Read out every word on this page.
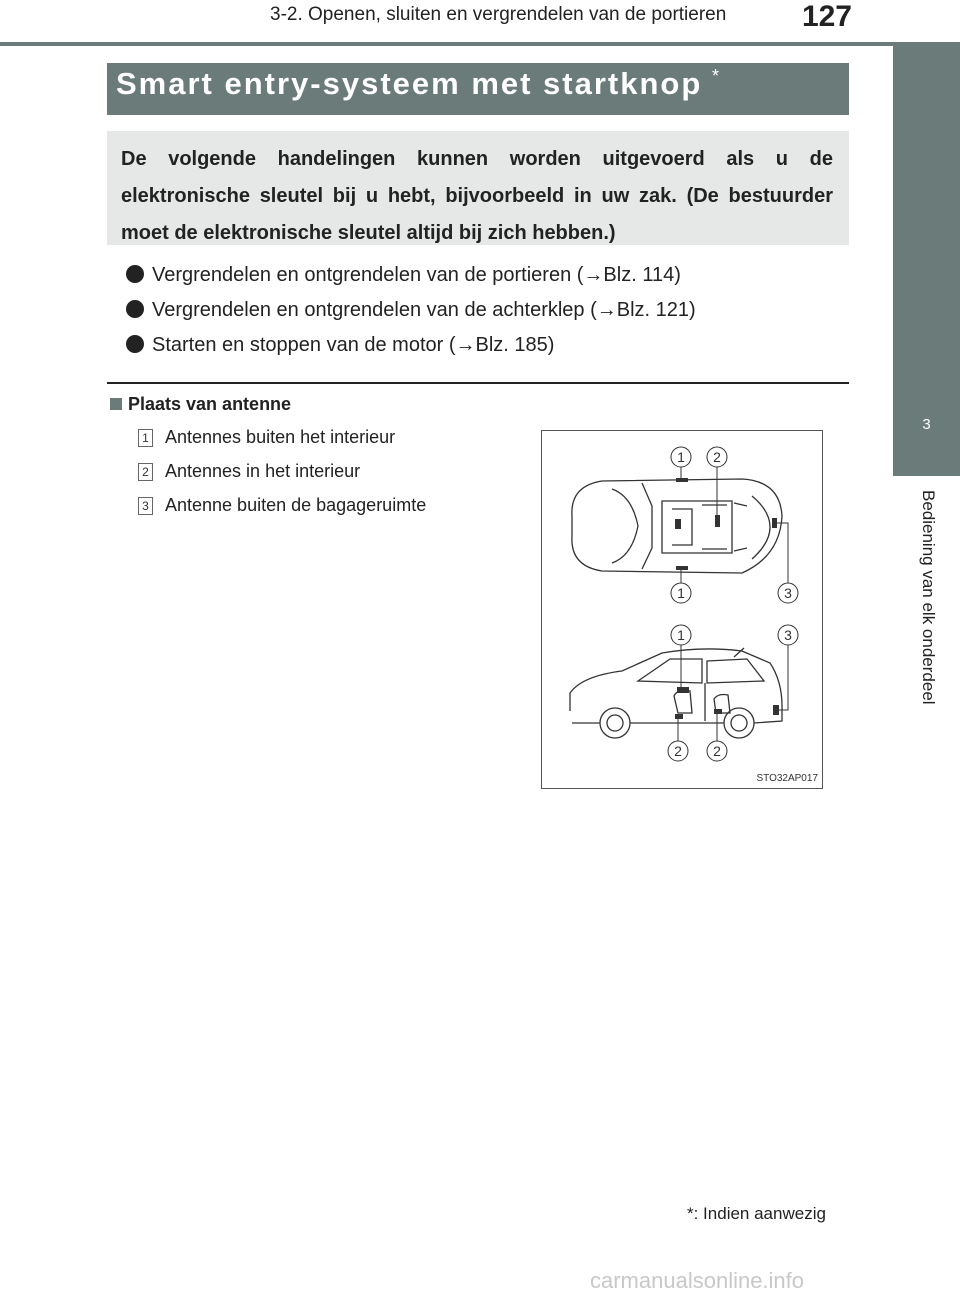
3-2. Openen, sluiten en vergrendelen van de portieren	127
3
Bediening van elk onderdeel
Smart entry-systeem met startknop *
De volgende handelingen kunnen worden uitgevoerd als u de elektronische sleutel bij u hebt, bijvoorbeeld in uw zak. (De bestuurder moet de elektronische sleutel altijd bij zich hebben.)
Vergrendelen en ontgrendelen van de portieren (→Blz. 114)
Vergrendelen en ontgrendelen van de achterklep (→Blz. 121)
Starten en stoppen van de motor (→Blz. 185)
Plaats van antenne
1 Antennes buiten het interieur
2 Antennes in het interieur
3 Antenne buiten de bagageruimte
1 2
1	3
1	3
2 2
STO32AP017
*: Indien aanwezig
carmanualsonline.info
